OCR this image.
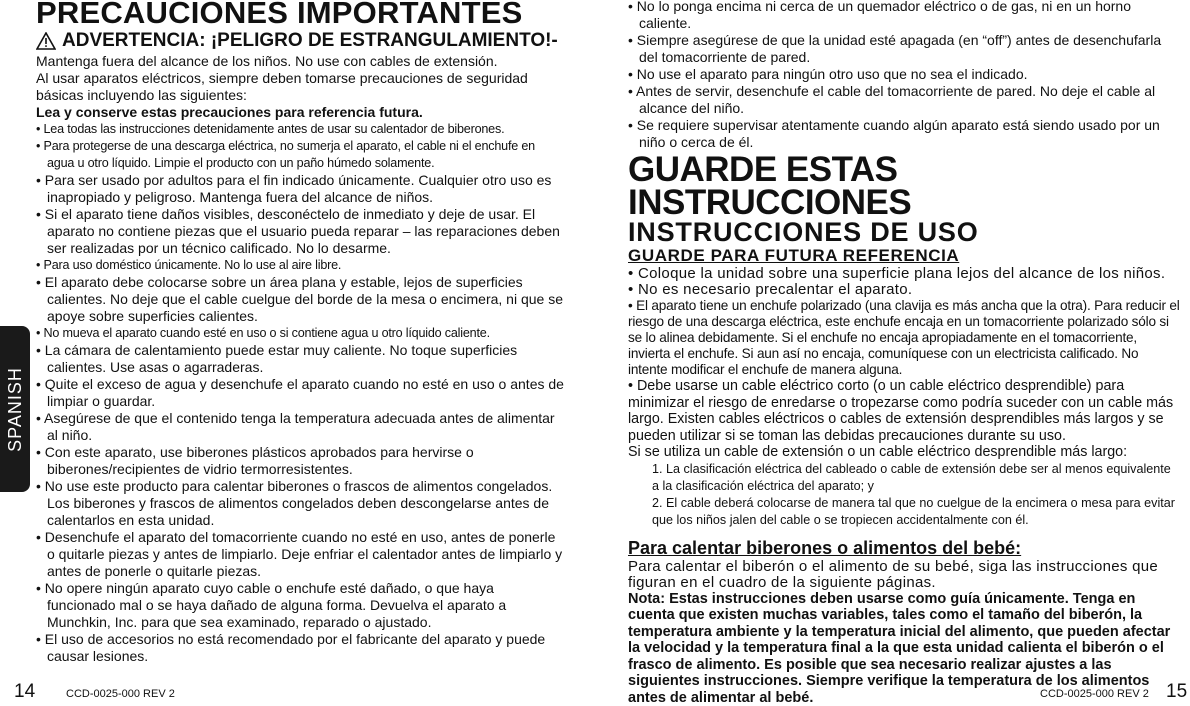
PRECAUCIONES IMPORTANTES
ADVERTENCIA: ¡PELIGRO DE ESTRANGULAMIENTO!-
Mantenga fuera del alcance de los niños. No use con cables de extensión.
Al usar aparatos eléctricos, siempre deben tomarse precauciones de seguridad básicas incluyendo las siguientes:
Lea y conserve estas precauciones para referencia futura.
• Lea todas las instrucciones detenidamente antes de usar su calentador de biberones.
• Para protegerse de una descarga eléctrica, no sumerja el aparato, el cable ni el enchufe en agua u otro líquido. Limpie el producto con un paño húmedo solamente.
• Para ser usado por adultos para el fin indicado únicamente. Cualquier otro uso es inapropiado y peligroso. Mantenga fuera del alcance de niños.
• Si el aparato tiene daños visibles, desconéctelo de inmediato y deje de usar. El aparato no contiene piezas que el usuario pueda reparar – las reparaciones deben ser realizadas por un técnico calificado. No lo desarme.
• Para uso doméstico únicamente. No lo use al aire libre.
• El aparato debe colocarse sobre un área plana y estable, lejos de superficies calientes. No deje que el cable cuelgue del borde de la mesa o encimera, ni que se apoye sobre superficies calientes.
• No mueva el aparato cuando esté en uso o si contiene agua u otro líquido caliente.
• La cámara de calentamiento puede estar muy caliente. No toque superficies calientes. Use asas o agarraderas.
• Quite el exceso de agua y desenchufe el aparato cuando no esté en uso o antes de limpiar o guardar.
• Asegúrese de que el contenido tenga la temperatura adecuada antes de alimentar al niño.
• Con este aparato, use biberones plásticos aprobados para hervirse o biberones/recipientes de vidrio termorresistentes.
• No use este producto para calentar biberones o frascos de alimentos congelados. Los biberones y frascos de alimentos congelados deben descongelarse antes de calentarlos en esta unidad.
• Desenchufe el aparato del tomacorriente cuando no esté en uso, antes de ponerle o quitarle piezas y antes de limpiarlo. Deje enfriar el calentador antes de limpiarlo y antes de ponerle o quitarle piezas.
• No opere ningún aparato cuyo cable o enchufe esté dañado, o que haya funcionado mal o se haya dañado de alguna forma. Devuelva el aparato a Munchkin, Inc. para que sea examinado, reparado o ajustado.
• El uso de accesorios no está recomendado por el fabricante del aparato y puede causar lesiones.
SPANISH
14	CCD-0025-000 REV 2
• No lo ponga encima ni cerca de un quemador eléctrico o de gas, ni en un horno caliente.
• Siempre asegúrese de que la unidad esté apagada (en “off”) antes de desenchufarla del tomacorriente de pared.
• No use el aparato para ningún otro uso que no sea el indicado.
• Antes de servir, desenchufe el cable del tomacorriente de pared. No deje el cable al alcance del niño.
• Se requiere supervisar atentamente cuando algún aparato está siendo usado por un niño o cerca de él.
GUARDE ESTAS INSTRUCCIONES
INSTRUCCIONES DE USO
GUARDE PARA FUTURA REFERENCIA
• Coloque la unidad sobre una superficie plana lejos del alcance de los niños.
• No es necesario precalentar el aparato.
• El aparato tiene un enchufe polarizado (una clavija es más ancha que la otra). Para reducir el riesgo de una descarga eléctrica, este enchufe encaja en un tomacorriente polarizado sólo si se lo alinea debidamente. Si el enchufe no encaja apropiadamente en el tomacorriente, invierta el enchufe. Si aun así no encaja, comuníquese con un electricista calificado. No intente modificar el enchufe de manera alguna.
• Debe usarse un cable eléctrico corto (o un cable eléctrico desprendible) para minimizar el riesgo de enredarse o tropezarse como podría suceder con un cable más largo. Existen cables eléctricos o cables de extensión desprendibles más largos y se pueden utilizar si se toman las debidas precauciones durante su uso.
Si se utiliza un cable de extensión o un cable eléctrico desprendible más largo:
1. La clasificación eléctrica del cableado o cable de extensión debe ser al menos equivalente a la clasificación eléctrica del aparato; y
2. El cable deberá colocarse de manera tal que no cuelgue de la encimera o mesa para evitar que los niños jalen del cable o se tropiecen accidentalmente con él.
Para calentar biberones o alimentos del bebé:
Para calentar el biberón o el alimento de su bebé, siga las instrucciones que figuran en el cuadro de la siguiente páginas.
Nota: Estas instrucciones deben usarse como guía únicamente. Tenga en cuenta que existen muchas variables, tales como el tamaño del biberón, la temperatura ambiente y la temperatura inicial del alimento, que pueden afectar la velocidad y la temperatura final a la que esta unidad calienta el biberón o el frasco de alimento. Es posible que sea necesario realizar ajustes a las siguientes instrucciones. Siempre verifique la temperatura de los alimentos antes de alimentar al bebé.	CCD-0025-000 REV 2 15
